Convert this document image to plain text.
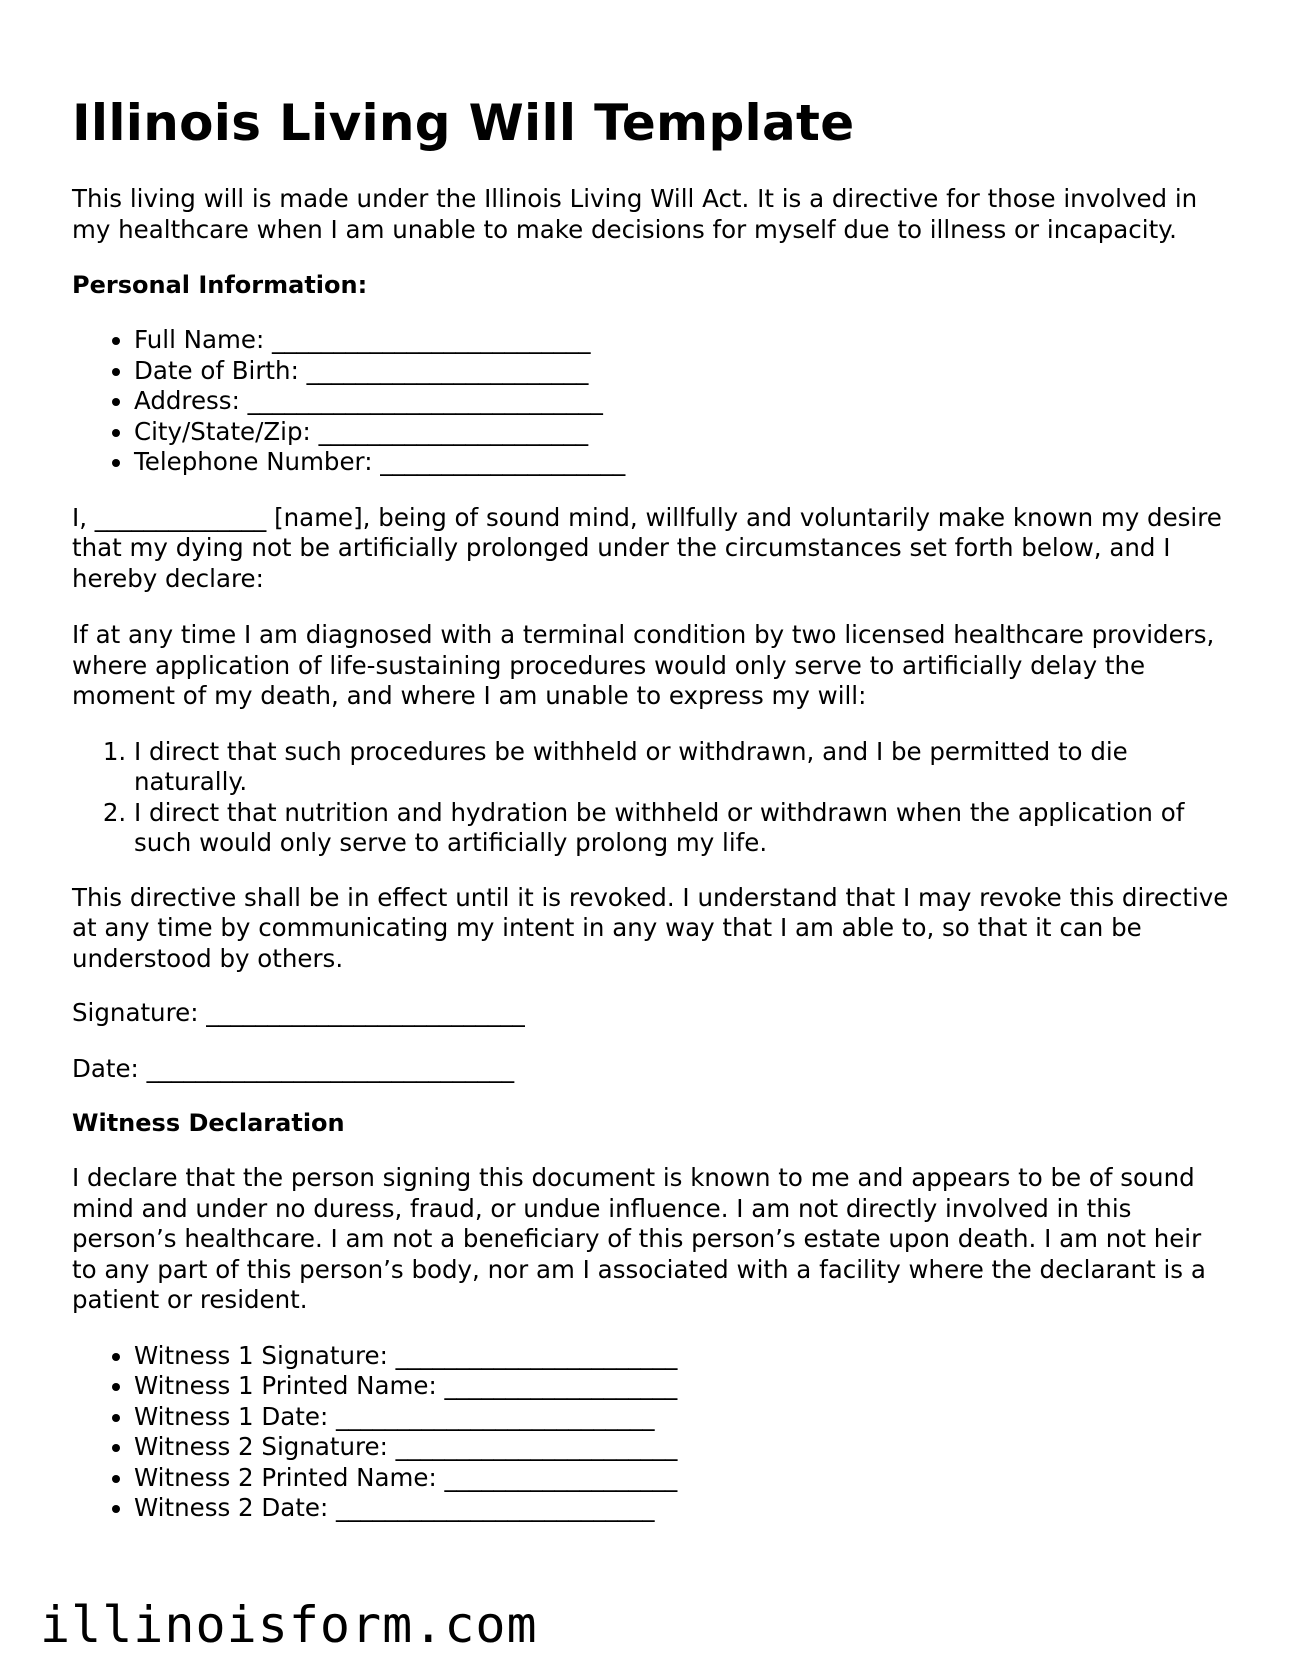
Illinois Living Will Template

This living will is made under the Illinois Living Will Act. It is a directive for those involved in my healthcare when I am unable to make decisions for myself due to illness or incapacity.

Personal Information:

• Full Name: __________________________
• Date of Birth: _______________________
• Address: _____________________________
• City/State/Zip: ______________________
• Telephone Number: ____________________

I, ______________ [name], being of sound mind, willfully and voluntarily make known my desire that my dying not be artificially prolonged under the circumstances set forth below, and I hereby declare:

If at any time I am diagnosed with a terminal condition by two licensed healthcare providers, where application of life-sustaining procedures would only serve to artificially delay the moment of my death, and where I am unable to express my will:

1. I direct that such procedures be withheld or withdrawn, and I be permitted to die naturally.
2. I direct that nutrition and hydration be withheld or withdrawn when the application of such would only serve to artificially prolong my life.

This directive shall be in effect until it is revoked. I understand that I may revoke this directive at any time by communicating my intent in any way that I am able to, so that it can be understood by others.

Signature: __________________________

Date: ______________________________

Witness Declaration

I declare that the person signing this document is known to me and appears to be of sound mind and under no duress, fraud, or undue influence. I am not directly involved in this person’s healthcare. I am not a beneficiary of this person’s estate upon death. I am not heir to any part of this person’s body, nor am I associated with a facility where the declarant is a patient or resident.

• Witness 1 Signature: _______________________
• Witness 1 Printed Name: ___________________
• Witness 1 Date: __________________________
• Witness 2 Signature: _______________________
• Witness 2 Printed Name: ___________________
• Witness 2 Date: __________________________
illinoisform.com
